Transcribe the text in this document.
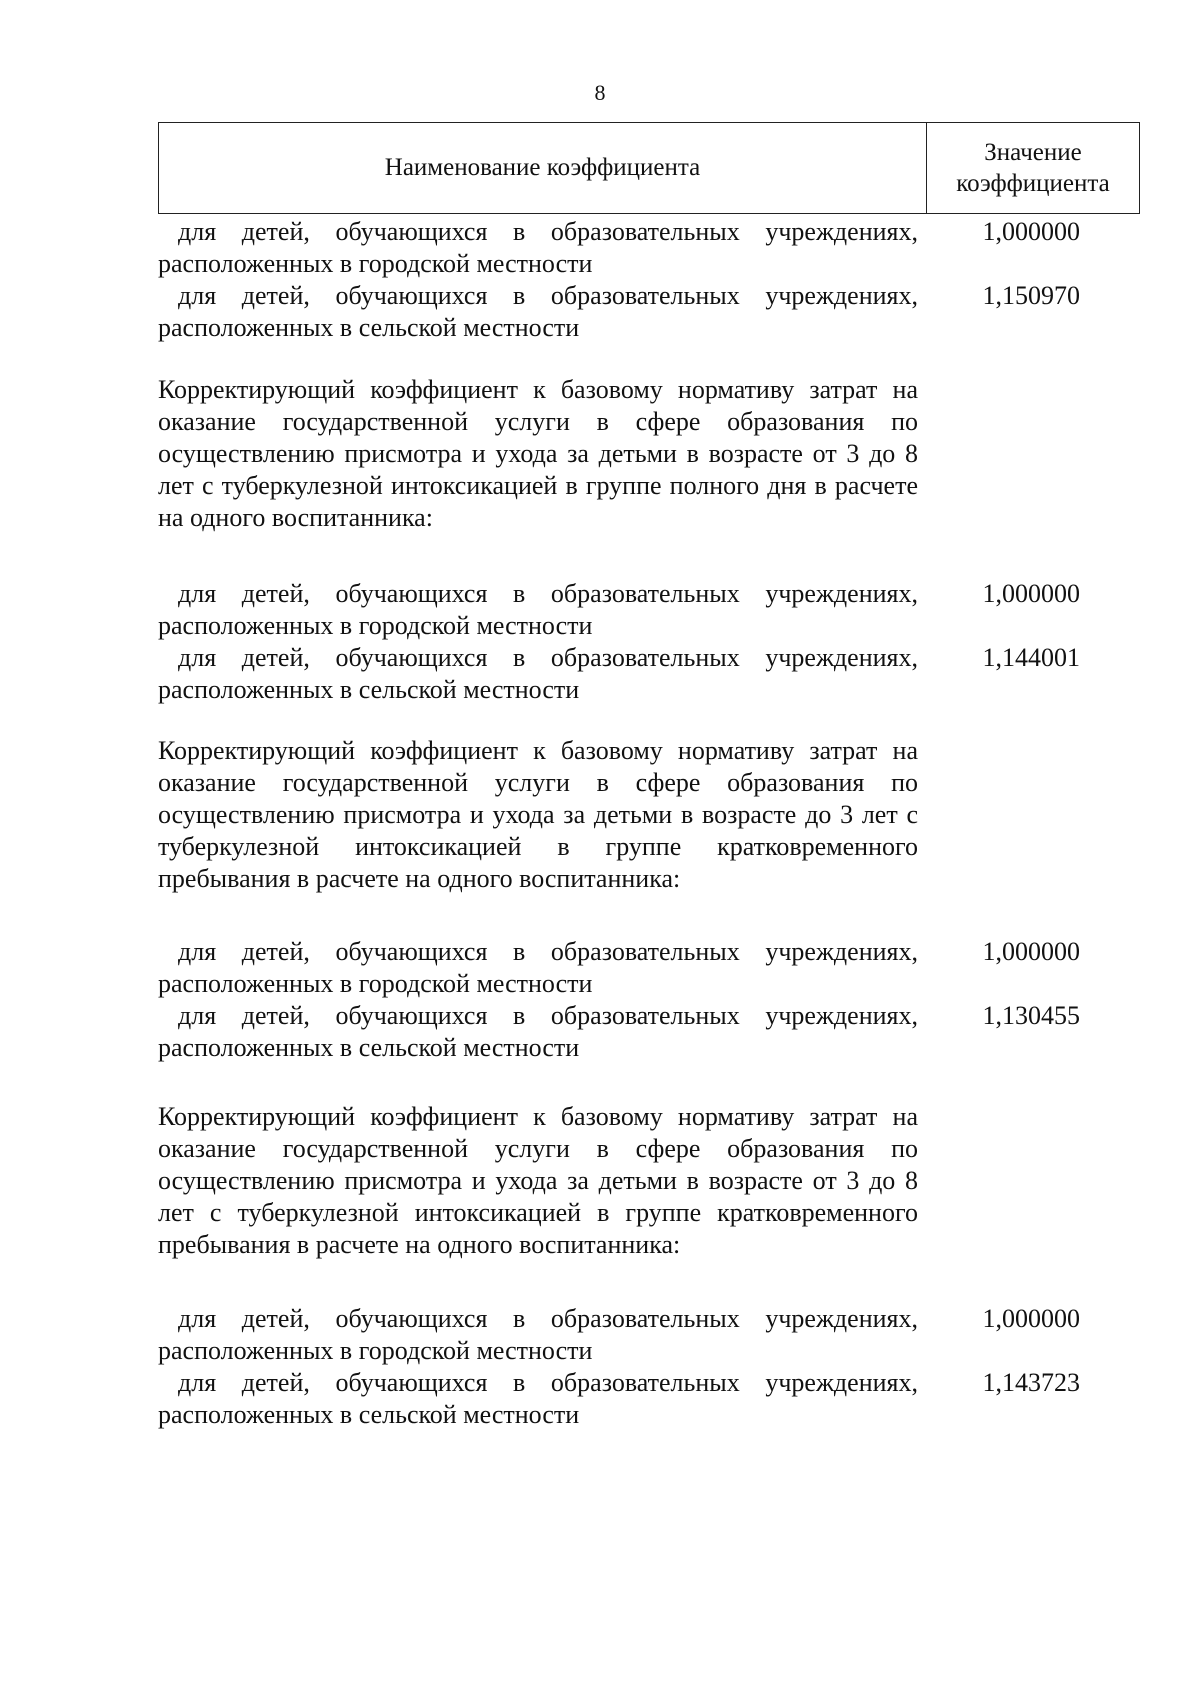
8
Наименование коэффициента
Значение коэффициента
для детей, обучающихся в образовательных учреждениях,
расположенных в городской местности
1,000000
для детей, обучающихся в образовательных учреждениях,
расположенных в сельской местности
1,150970
Корректирующий коэффициент к базовому нормативу затрат на оказание государственной услуги в сфере образования по осуществлению присмотра и ухода за детьми в возрасте от 3 до 8 лет с туберкулезной интоксикацией в группе полного дня в расчете на одного воспитанника:
для детей, обучающихся в образовательных учреждениях,
расположенных в городской местности
1,000000
для детей, обучающихся в образовательных учреждениях,
расположенных в сельской местности
1,144001
Корректирующий коэффициент к базовому нормативу затрат на оказание государственной услуги в сфере образования по осуществлению присмотра и ухода за детьми в возрасте до 3 лет с туберкулезной интоксикацией в группе кратковременного пребывания в расчете на одного воспитанника:
для детей, обучающихся в образовательных учреждениях,
расположенных в городской местности
1,000000
для детей, обучающихся в образовательных учреждениях,
расположенных в сельской местности
1,130455
Корректирующий коэффициент к базовому нормативу затрат на оказание государственной услуги в сфере образования по осуществлению присмотра и ухода за детьми в возрасте от 3 до 8 лет с туберкулезной интоксикацией в группе кратковременного пребывания в расчете на одного воспитанника:
для детей, обучающихся в образовательных учреждениях,
расположенных в городской местности
1,000000
для детей, обучающихся в образовательных учреждениях,
расположенных в сельской местности
1,143723
